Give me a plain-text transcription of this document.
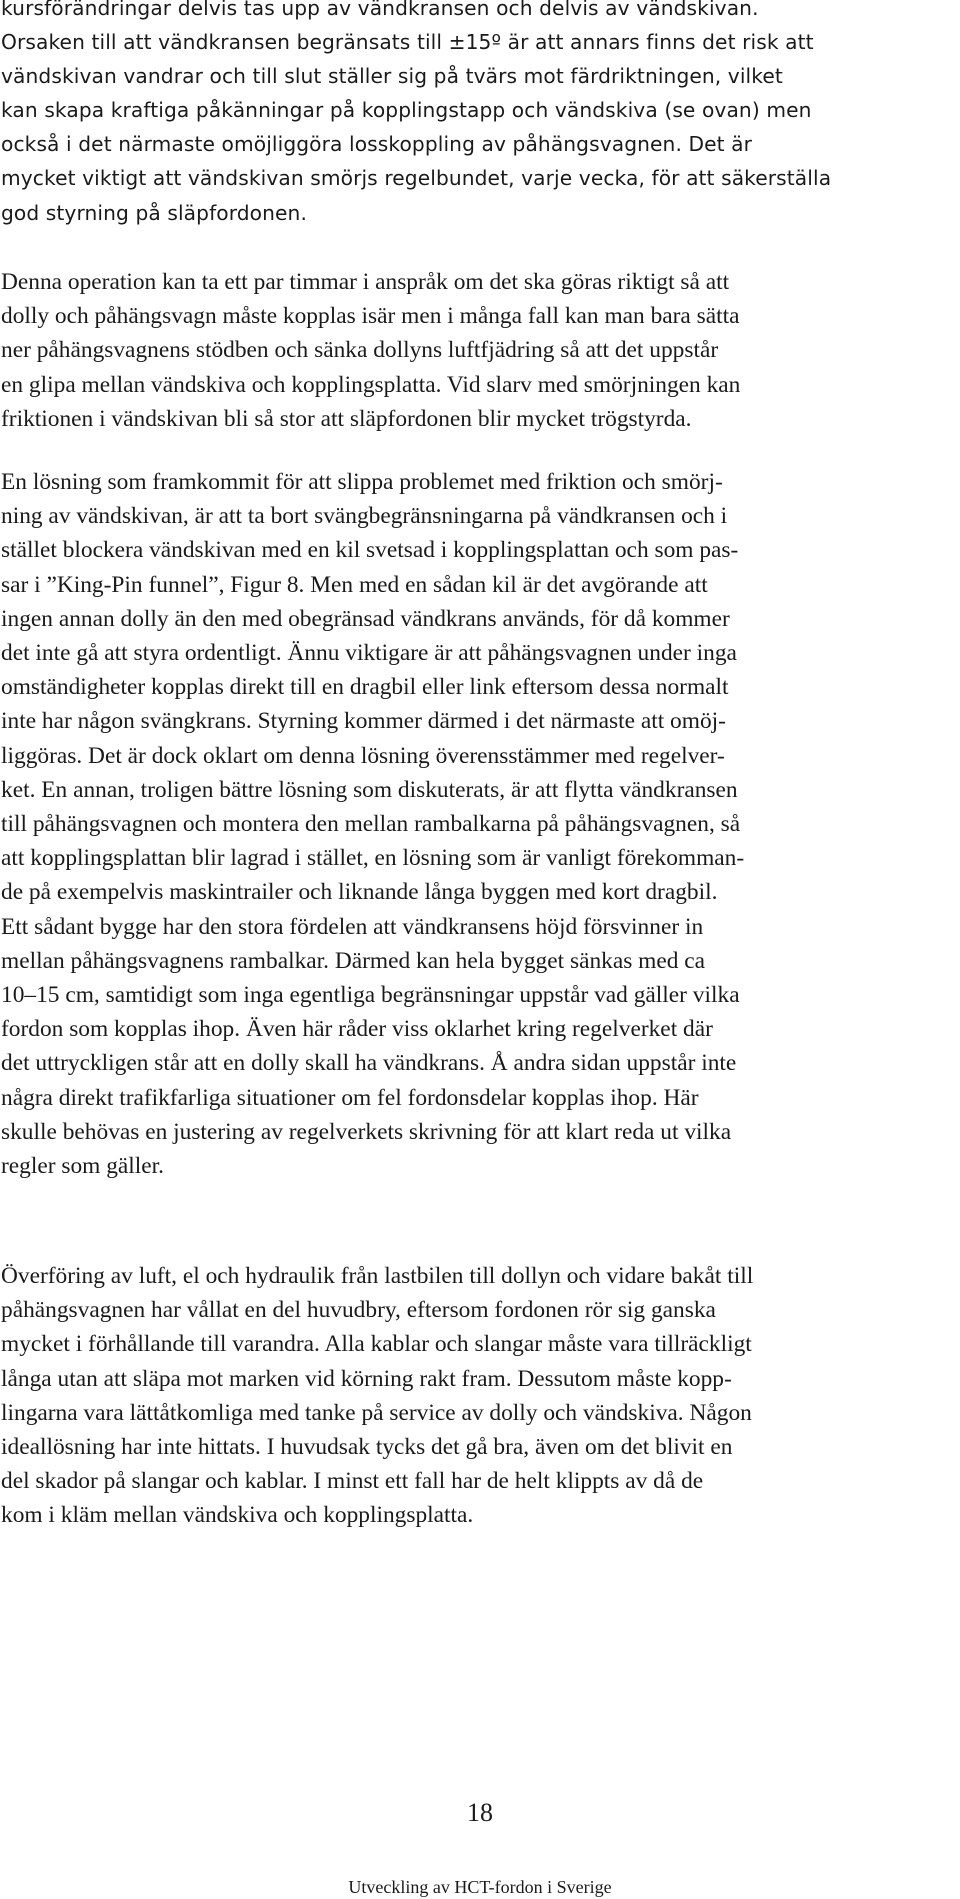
kursförändringar delvis tas upp av vändkransen och delvis av vändskivan.
Orsaken till att vändkransen begränsats till ±15º är att annars finns det risk att
vändskivan vandrar och till slut ställer sig på tvärs mot färdriktningen, vilket
kan skapa kraftiga påkänningar på kopplingstapp och vändskiva (se ovan) men
också i det närmaste omöjliggöra losskoppling av påhängsvagnen. Det är
mycket viktigt att vändskivan smörjs regelbundet, varje vecka, för att säkerställa
god styrning på släpfordonen.
Denna operation kan ta ett par timmar i anspråk om det ska göras riktigt så att
dolly och påhängsvagn måste kopplas isär men i många fall kan man bara sätta
ner påhängsvagnens stödben och sänka dollyns luftfjädring så att det uppstår
en glipa mellan vändskiva och kopplingsplatta. Vid slarv med smörjningen kan
friktionen i vändskivan bli så stor att släpfordonen blir mycket trögstyrda.
En lösning som framkommit för att slippa problemet med friktion och smörj-
ning av vändskivan, är att ta bort svängbegränsningarna på vändkransen och i
stället blockera vändskivan med en kil svetsad i kopplingsplattan och som pas-
sar i ”King-Pin funnel”, Figur 8. Men med en sådan kil är det avgörande att
ingen annan dolly än den med obegränsad vändkrans används, för då kommer
det inte gå att styra ordentligt. Ännu viktigare är att påhängsvagnen under inga
omständigheter kopplas direkt till en dragbil eller link eftersom dessa normalt
inte har någon svängkrans. Styrning kommer därmed i det närmaste att omöj-
liggöras. Det är dock oklart om denna lösning överensstämmer med regelver-
ket. En annan, troligen bättre lösning som diskuterats, är att flytta vändkransen
till påhängsvagnen och montera den mellan rambalkarna på påhängsvagnen, så
att kopplingsplattan blir lagrad i stället, en lösning som är vanligt förekomman-
de på exempelvis maskintrailer och liknande långa byggen med kort dragbil.
Ett sådant bygge har den stora fördelen att vändkransens höjd försvinner in
mellan påhängsvagnens rambalkar. Därmed kan hela bygget sänkas med ca
10–15 cm, samtidigt som inga egentliga begränsningar uppstår vad gäller vilka
fordon som kopplas ihop. Även här råder viss oklarhet kring regelverket där
det uttryckligen står att en dolly skall ha vändkrans. Å andra sidan uppstår inte
några direkt trafikfarliga situationer om fel fordonsdelar kopplas ihop. Här
skulle behövas en justering av regelverkets skrivning för att klart reda ut vilka
regler som gäller.
Överföring av luft, el och hydraulik från lastbilen till dollyn och vidare bakåt till
påhängsvagnen har vållat en del huvudbry, eftersom fordonen rör sig ganska
mycket i förhållande till varandra. Alla kablar och slangar måste vara tillräckligt
långa utan att släpa mot marken vid körning rakt fram. Dessutom måste kopp-
lingarna vara lättåtkomliga med tanke på service av dolly och vändskiva. Någon
ideallösning har inte hittats. I huvudsak tycks det gå bra, även om det blivit en
del skador på slangar och kablar. I minst ett fall har de helt klippts av då de
kom i kläm mellan vändskiva och kopplingsplatta.
18
Utveckling av HCT-fordon i Sverige
